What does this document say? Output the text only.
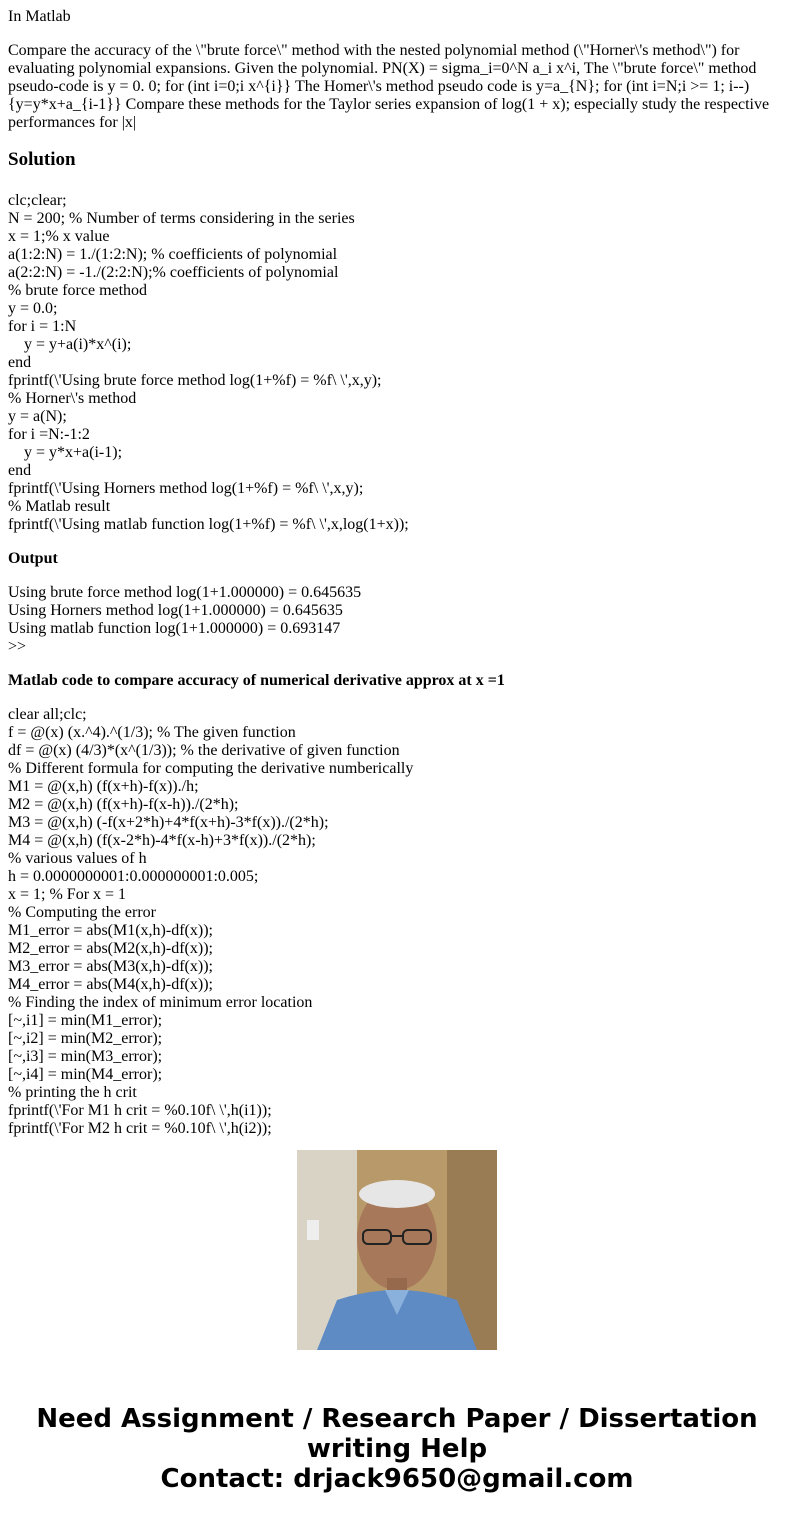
In Matlab

Compare the accuracy of the \"brute force\" method with the nested polynomial method (\"Horner\'s method\") for evaluating polynomial expansions. Given the polynomial. PN(X) = sigma_i=0^N a_i x^i, The \"brute force\" method pseudo-code is y = 0. 0; for (int i=0;i x^{i}} The Homer\'s method pseudo code is y=a_{N}; for (int i=N;i >= 1; i--){y=y*x+a_{i-1}} Compare these methods for the Taylor series expansion of log(1 + x); especially study the respective performances for |x|

Solution
clc;clear;
N = 200; % Number of terms considering in the series
x = 1;% x value
a(1:2:N) = 1./(1:2:N); % coefficients of polynomial
a(2:2:N) = -1./(2:2:N);% coefficients of polynomial
% brute force method
y = 0.0;
for i = 1:N
y = y+a(i)*x^(i);
end
fprintf(\'Using brute force method log(1+%f) = %f\ \',x,y);
% Horner\'s method
y = a(N);
for i =N:-1:2
y = y*x+a(i-1);
end
fprintf(\'Using Horners method log(1+%f) = %f\ \',x,y);
% Matlab result
fprintf(\'Using matlab function log(1+%f) = %f\ \',x,log(1+x));
Output
Using brute force method log(1+1.000000) = 0.645635
Using Horners method log(1+1.000000) = 0.645635
Using matlab function log(1+1.000000) = 0.693147
>>
Matlab code to compare accuracy of numerical derivative approx at x =1
clear all;clc;
f = @(x) (x.^4).^(1/3); % The given function
df = @(x) (4/3)*(x^(1/3)); % the derivative of given function
% Different formula for computing the derivative numberically
M1 = @(x,h) (f(x+h)-f(x))./h;
M2 = @(x,h) (f(x+h)-f(x-h))./(2*h);
M3 = @(x,h) (-f(x+2*h)+4*f(x+h)-3*f(x))./(2*h);
M4 = @(x,h) (f(x-2*h)-4*f(x-h)+3*f(x))./(2*h);
% various values of h
h = 0.0000000001:0.000000001:0.005;
x = 1; % For x = 1
% Computing the error
M1_error = abs(M1(x,h)-df(x));
M2_error = abs(M2(x,h)-df(x));
M3_error = abs(M3(x,h)-df(x));
M4_error = abs(M4(x,h)-df(x));
% Finding the index of minimum error location
[~,i1] = min(M1_error);
[~,i2] = min(M2_error);
[~,i3] = min(M3_error);
[~,i4] = min(M4_error);
% printing the h crit
fprintf(\'For M1 h crit = %0.10f\ \',h(i1));
fprintf(\'For M2 h crit = %0.10f\ \',h(i2));
Need Assignment / Research Paper / Dissertation
writing Help
Contact: drjack9650@gmail.com
